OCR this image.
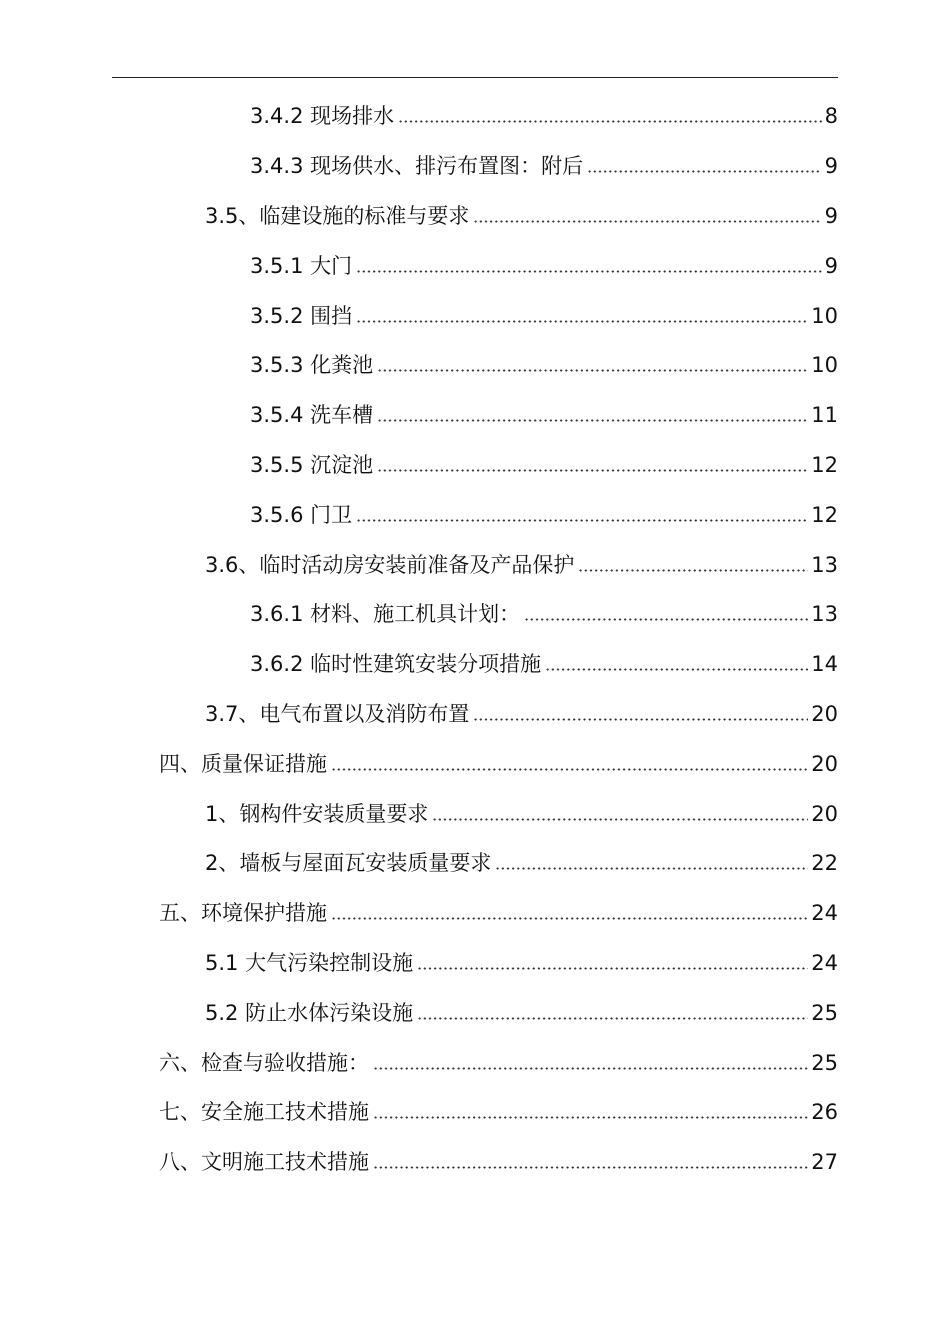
3.4.2 现场排水	8
3.4.3 现场供水、排污布置图：附后	9
3.5、临建设施的标准与要求	9
3.5.1 大门	9
3.5.2 围挡	10
3.5.3 化粪池	10
3.5.4 洗车槽	11
3.5.5 沉淀池	12
3.5.6 门卫	12
3.6、临时活动房安装前准备及产品保护	13
3.6.1 材料、施工机具计划：	13
3.6.2 临时性建筑安装分项措施	14
3.7、电气布置以及消防布置	20
四、质量保证措施	20
1、钢构件安装质量要求	20
2、墙板与屋面瓦安装质量要求	22
五、环境保护措施	24
5.1 大气污染控制设施	24
5.2 防止水体污染设施	25
六、检查与验收措施：	25
七、安全施工技术措施	26
八、文明施工技术措施	27
